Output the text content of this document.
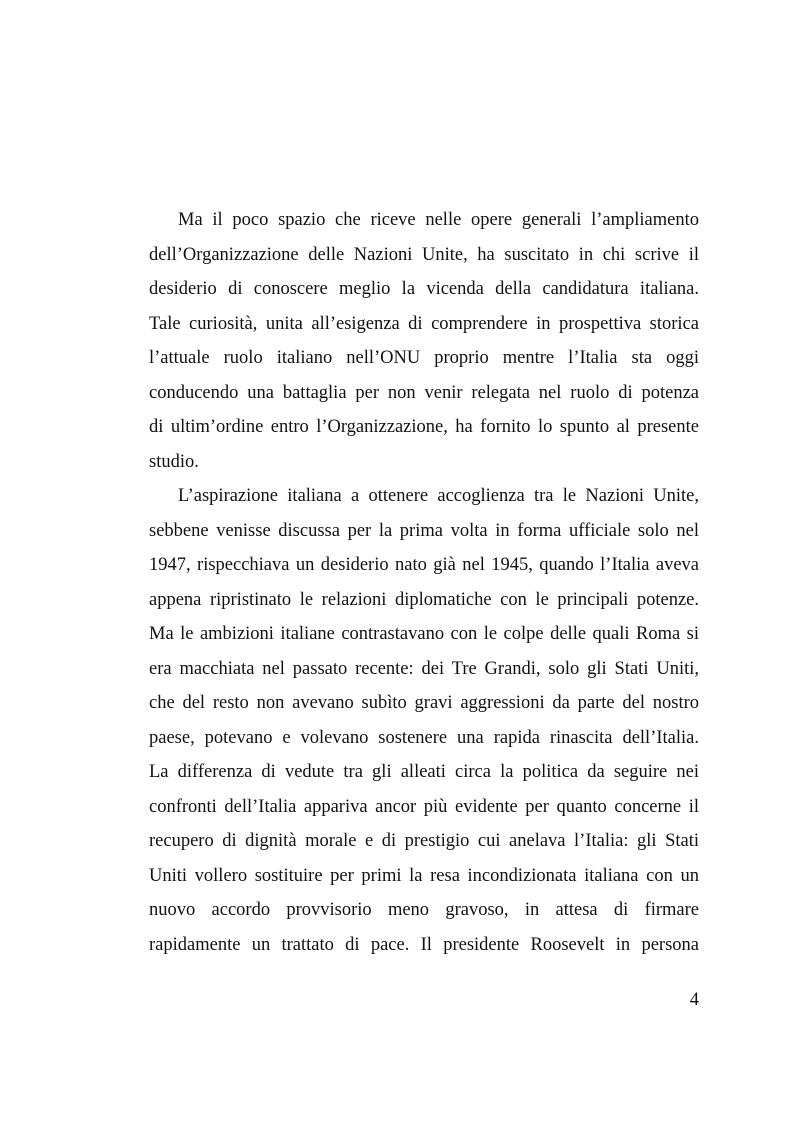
Ma il poco spazio che riceve nelle opere generali l’ampliamento
dell’Organizzazione delle Nazioni Unite, ha suscitato in chi scrive il
desiderio di conoscere meglio la vicenda della candidatura italiana.
Tale curiosità, unita all’esigenza di comprendere in prospettiva storica
l’attuale ruolo italiano nell’ONU proprio mentre l’Italia sta oggi
conducendo una battaglia per non venir relegata nel ruolo di potenza
di ultim’ordine entro l’Organizzazione, ha fornito lo spunto al presente
studio.
L’aspirazione italiana a ottenere accoglienza tra le Nazioni Unite,
sebbene venisse discussa per la prima volta in forma ufficiale solo nel
1947, rispecchiava un desiderio nato già nel 1945, quando l’Italia aveva
appena ripristinato le relazioni diplomatiche con le principali potenze.
Ma le ambizioni italiane contrastavano con le colpe delle quali Roma si
era macchiata nel passato recente: dei Tre Grandi, solo gli Stati Uniti,
che del resto non avevano subìto gravi aggressioni da parte del nostro
paese, potevano e volevano sostenere una rapida rinascita dell’Italia.
La differenza di vedute tra gli alleati circa la politica da seguire nei
confronti dell’Italia appariva ancor più evidente per quanto concerne il
recupero di dignità morale e di prestigio cui anelava l’Italia: gli Stati
Uniti vollero sostituire per primi la resa incondizionata italiana con un
nuovo accordo provvisorio meno gravoso, in attesa di firmare
rapidamente un trattato di pace. Il presidente Roosevelt in persona
4
